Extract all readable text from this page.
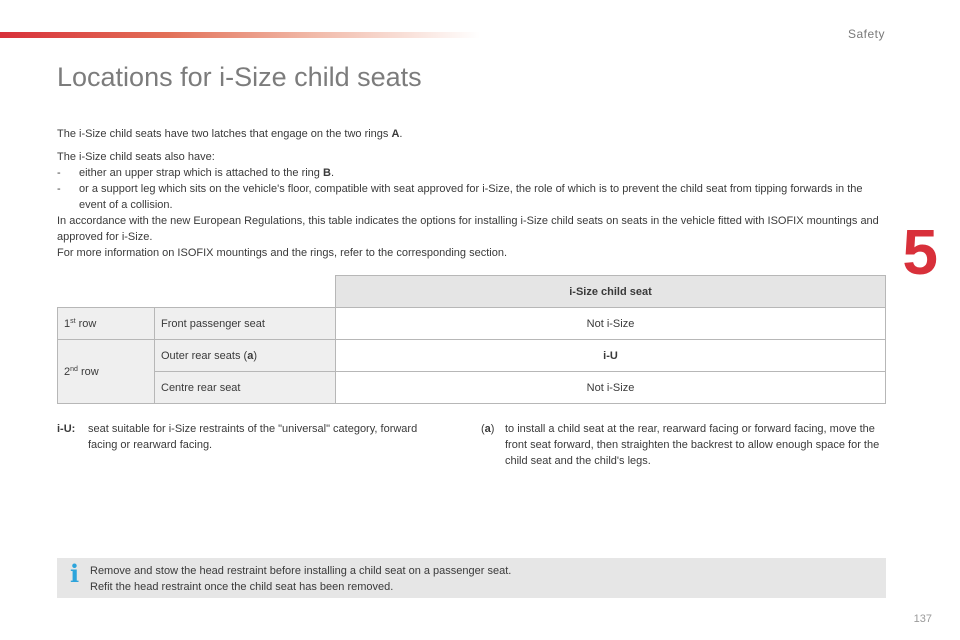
Safety
5
Locations for i-Size child seats

The i-Size child seats have two latches that engage on the two rings A.

The i-Size child seats also have:

-	either an upper strap which is attached to the ring B.
-	or a support leg which sits on the vehicle's floor, compatible with seat approved for i-Size, the role of which is to prevent the child seat from tipping forwards in the event of a collision.

In accordance with the new European Regulations, this table indicates the options for installing i-Size child seats on seats in the vehicle fitted with ISOFIX mountings and approved for i-Size.

For more information on ISOFIX mountings and the rings, refer to the corresponding section.

		i-Size child seat
1st row	Front passenger seat	Not i-Size
2nd row	Outer rear seats (a)	i-U
	Centre rear seat	Not i-Size
i-U:	seat suitable for i-Size restraints of the "universal" category, forward facing or rearward facing.
(a) to install a child seat at the rear, rearward facing or forward facing, move the front seat forward, then straighten the backrest to allow enough space for the child seat and the child's legs.
i Remove and stow the head restraint before installing a child seat on a passenger seat.

Refit the head restraint once the child seat has been removed.

137
